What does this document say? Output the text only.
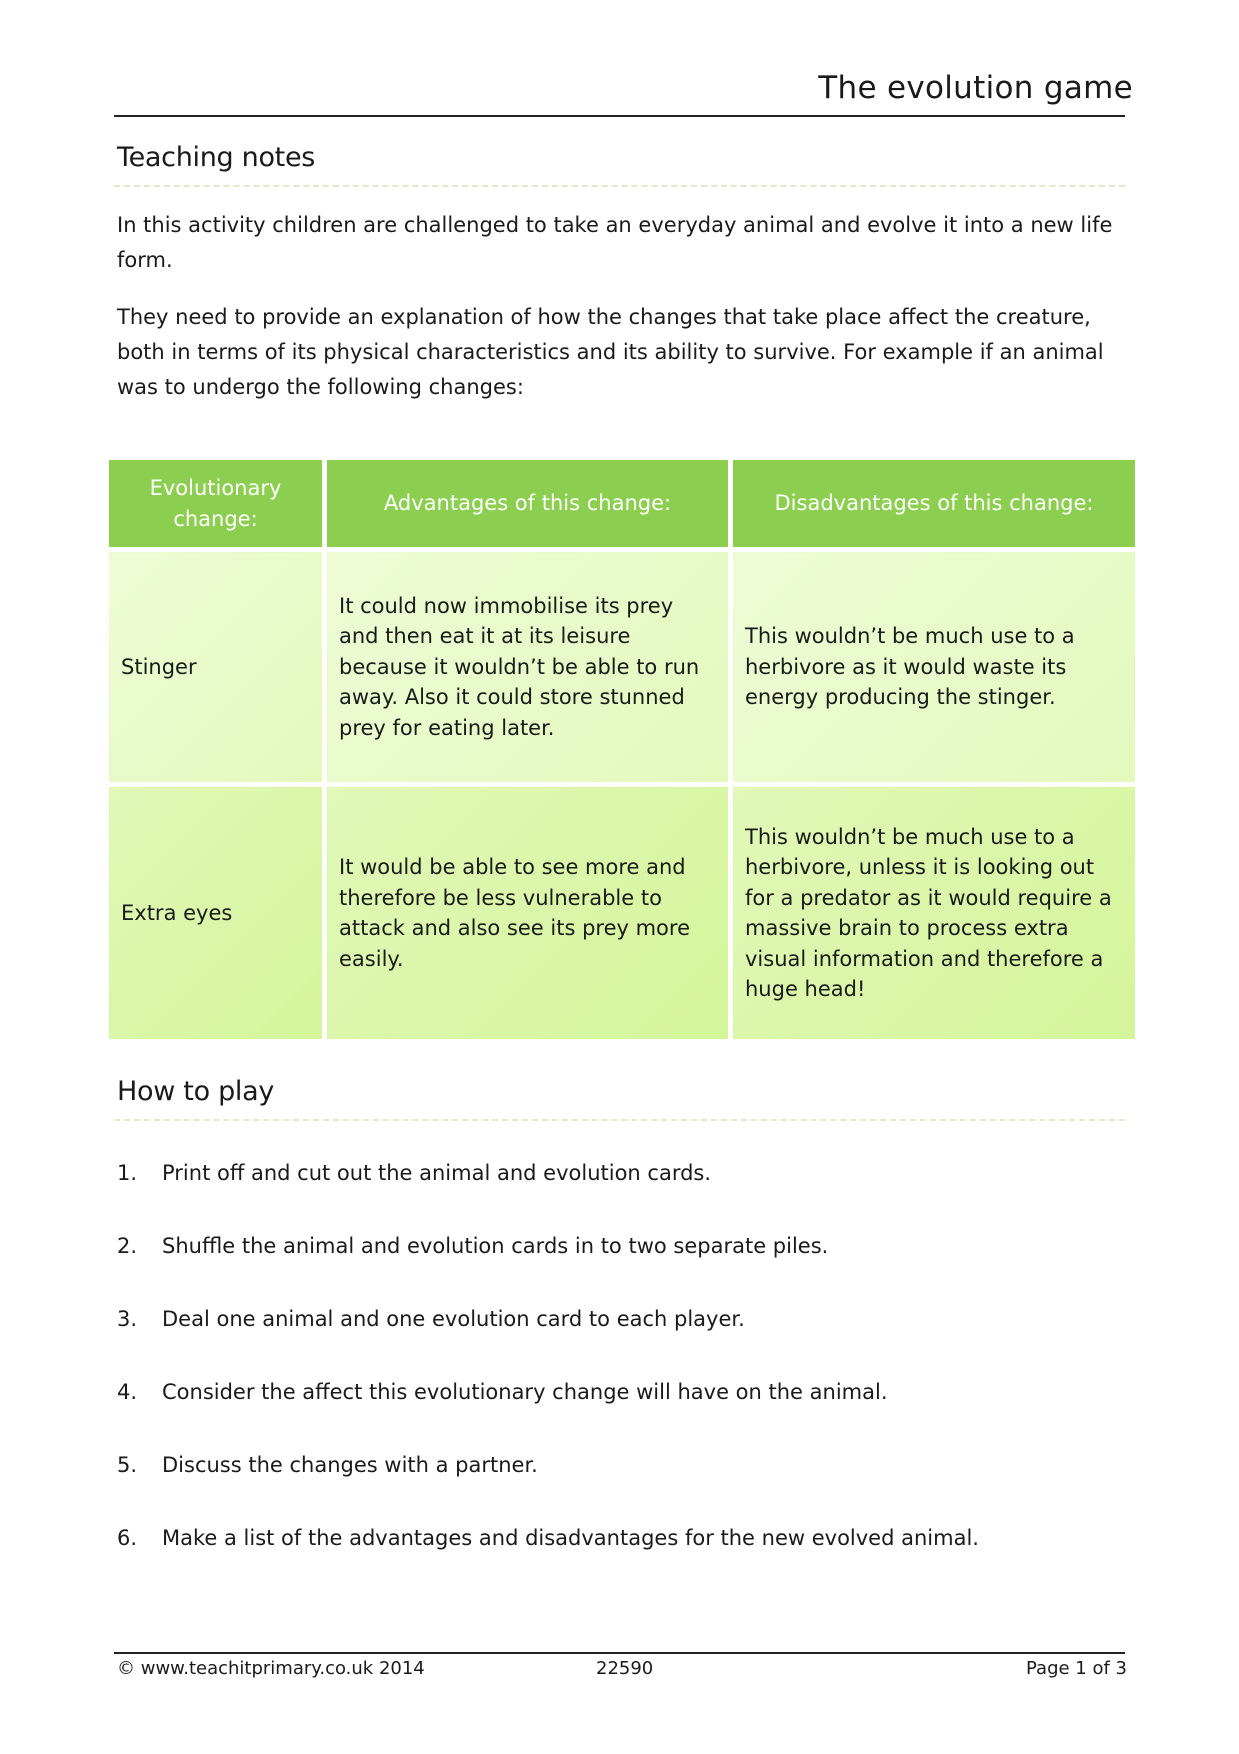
The evolution game
Teaching notes

In this activity children are challenged to take an everyday animal and evolve it into a new life form.

They need to provide an explanation of how the changes that take place affect the creature, both in terms of its physical characteristics and its ability to survive. For example if an animal was to undergo the following changes:

Evolutionary change:	Advantages of this change:	Disadvantages of this change:
Stinger	It could now immobilise its prey and then eat it at its leisure because it wouldn’t be able to run away. Also it could store stunned prey for eating later.	This wouldn’t be much use to a herbivore as it would waste its energy producing the stinger.
Extra eyes	It would be able to see more and therefore be less vulnerable to attack and also see its prey more easily.	This wouldn’t be much use to a herbivore, unless it is looking out for a predator as it would require a massive brain to process extra visual information and therefore a huge head!
How to play
1. Print off and cut out the animal and evolution cards.
2. Shuffle the animal and evolution cards in to two separate piles.
3. Deal one animal and one evolution card to each player.
4. Consider the affect this evolutionary change will have on the animal.
5. Discuss the changes with a partner.
6. Make a list of the advantages and disadvantages for the new evolved animal.
© www.teachitprimary.co.uk 2014	22590	Page 1 of 3
